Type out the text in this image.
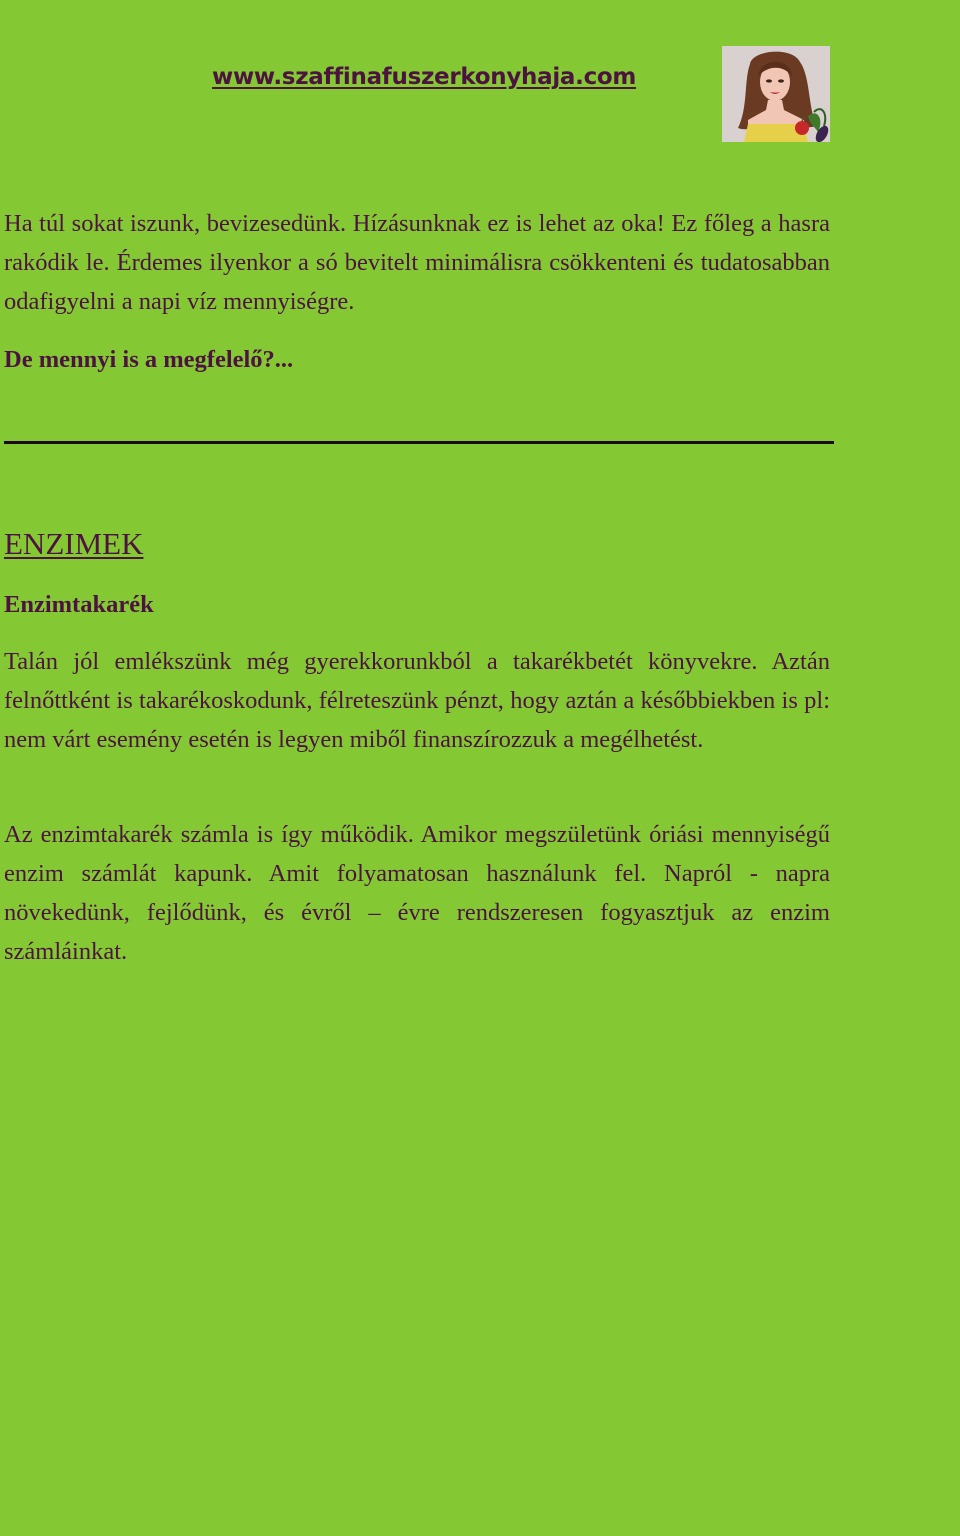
www.szaffinafuszerkonyhaja.com

Ha túl sokat iszunk, bevizesedünk. Hízásunknak ez is lehet az oka! Ez főleg a hasra rakódik le. Érdemes ilyenkor a só bevitelt minimálisra csökkenteni és tudatosabban odafigyelni a napi víz mennyiségre.

De mennyi is a megfelelő?...

ENZIMEK
Enzimtakarék

Talán jól emlékszünk még gyerekkorunkból a takarékbetét könyvekre. Aztán felnőttként is takarékoskodunk, félreteszünk pénzt, hogy aztán a későbbiekben is pl: nem várt esemény esetén is legyen miből finanszírozzuk a megélhetést.

Az enzimtakarék számla is így működik. Amikor megszületünk óriási mennyiségű enzim számlát kapunk. Amit folyamatosan használunk fel. Napról - napra növekedünk, fejlődünk, és évről – évre rendszeresen fogyasztjuk az enzim számláinkat.
